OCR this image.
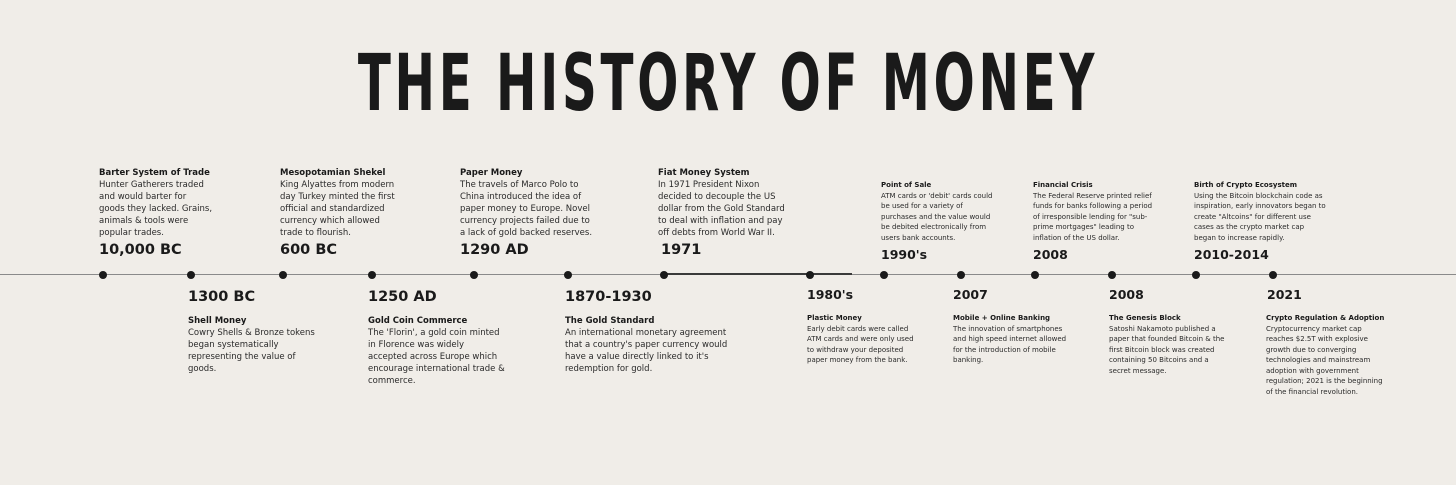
THE HISTORY OF MONEY
Barter System of Trade
Hunter Gatherers traded
and would barter for
goods they lacked. Grains,
animals & tools were
popular trades.
10,000 BC
Mesopotamian Shekel
King Alyattes from modern
day Turkey minted the first
official and standardized
currency which allowed
trade to flourish.
600 BC
Paper Money
The travels of Marco Polo to
China introduced the idea of
paper money to Europe. Novel
currency projects failed due to
a lack of gold backed reserves.
1290 AD
Fiat Money System
In 1971 President Nixon
decided to decouple the US
dollar from the Gold Standard
to deal with inflation and pay
off debts from World War II.
1971
Point of Sale
ATM cards or 'debit' cards could
be used for a variety of
purchases and the value would
be debited electronically from
users bank accounts.
1990's
Financial Crisis
The Federal Reserve printed relief
funds for banks following a period
of irresponsible lending for "sub-
prime mortgages" leading to
inflation of the US dollar.
2008
Birth of Crypto Ecosystem
Using the Bitcoin blockchain code as
inspiration, early innovators began to
create "Altcoins" for different use
cases as the crypto market cap
began to increase rapidly.
2010-2014
1300 BC
Shell Money
Cowry Shells & Bronze tokens
began systematically
representing the value of
goods.
1250 AD
Gold Coin Commerce
The 'Florin', a gold coin minted
in Florence was widely
accepted across Europe which
encourage international trade &
commerce.
1870-1930
The Gold Standard
An international monetary agreement
that a country's paper currency would
have a value directly linked to it's
redemption for gold.
1980's
Plastic Money
Early debit cards were called
ATM cards and were only used
to withdraw your deposited
paper money from the bank.
2007
Mobile + Online Banking
The innovation of smartphones
and high speed internet allowed
for the introduction of mobile
banking.
2008
The Genesis Block
Satoshi Nakamoto published a
paper that founded Bitcoin & the
first Bitcoin block was created
containing 50 Bitcoins and a
secret message.
2021
Crypto Regulation & Adoption
Cryptocurrency market cap
reaches $2.5T with explosive
growth due to converging
technologies and mainstream
adoption with government
regulation; 2021 is the beginning
of the financial revolution.
